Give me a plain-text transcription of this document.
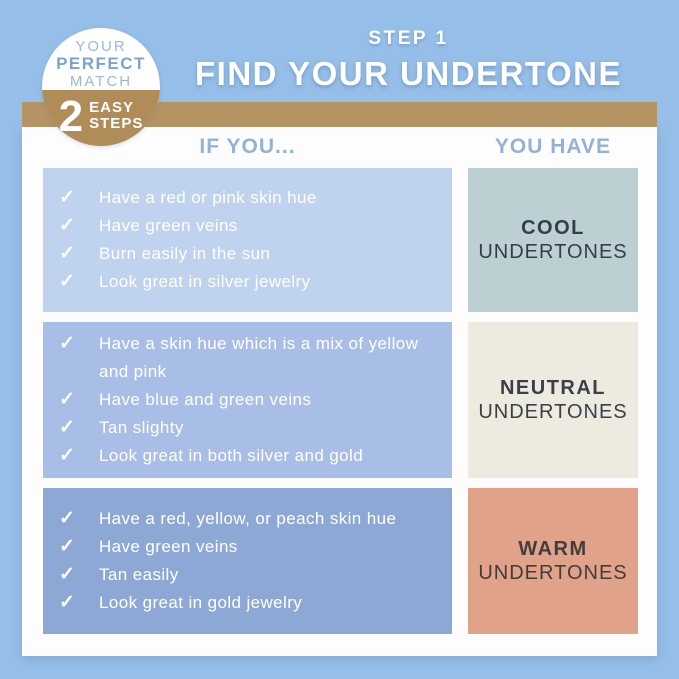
YOUR
PERFECT
MATCH
2 EASY
STEPS
STEP 1
FIND YOUR UNDERTONE
IF YOU...	YOU HAVE
✓	Have a red or pink skin hue
✓	Have green veins
✓	Burn easily in the sun
✓	Look great in silver jewelry
COOL
UNDERTONES
✓	Have a skin hue which is a mix of yellow and pink
✓	Have blue and green veins
✓	Tan slighty
✓	Look great in both silver and gold
NEUTRAL
UNDERTONES
✓	Have a red, yellow, or peach skin hue
✓	Have green veins
✓	Tan easily
✓	Look great in gold jewelry
WARM
UNDERTONES
